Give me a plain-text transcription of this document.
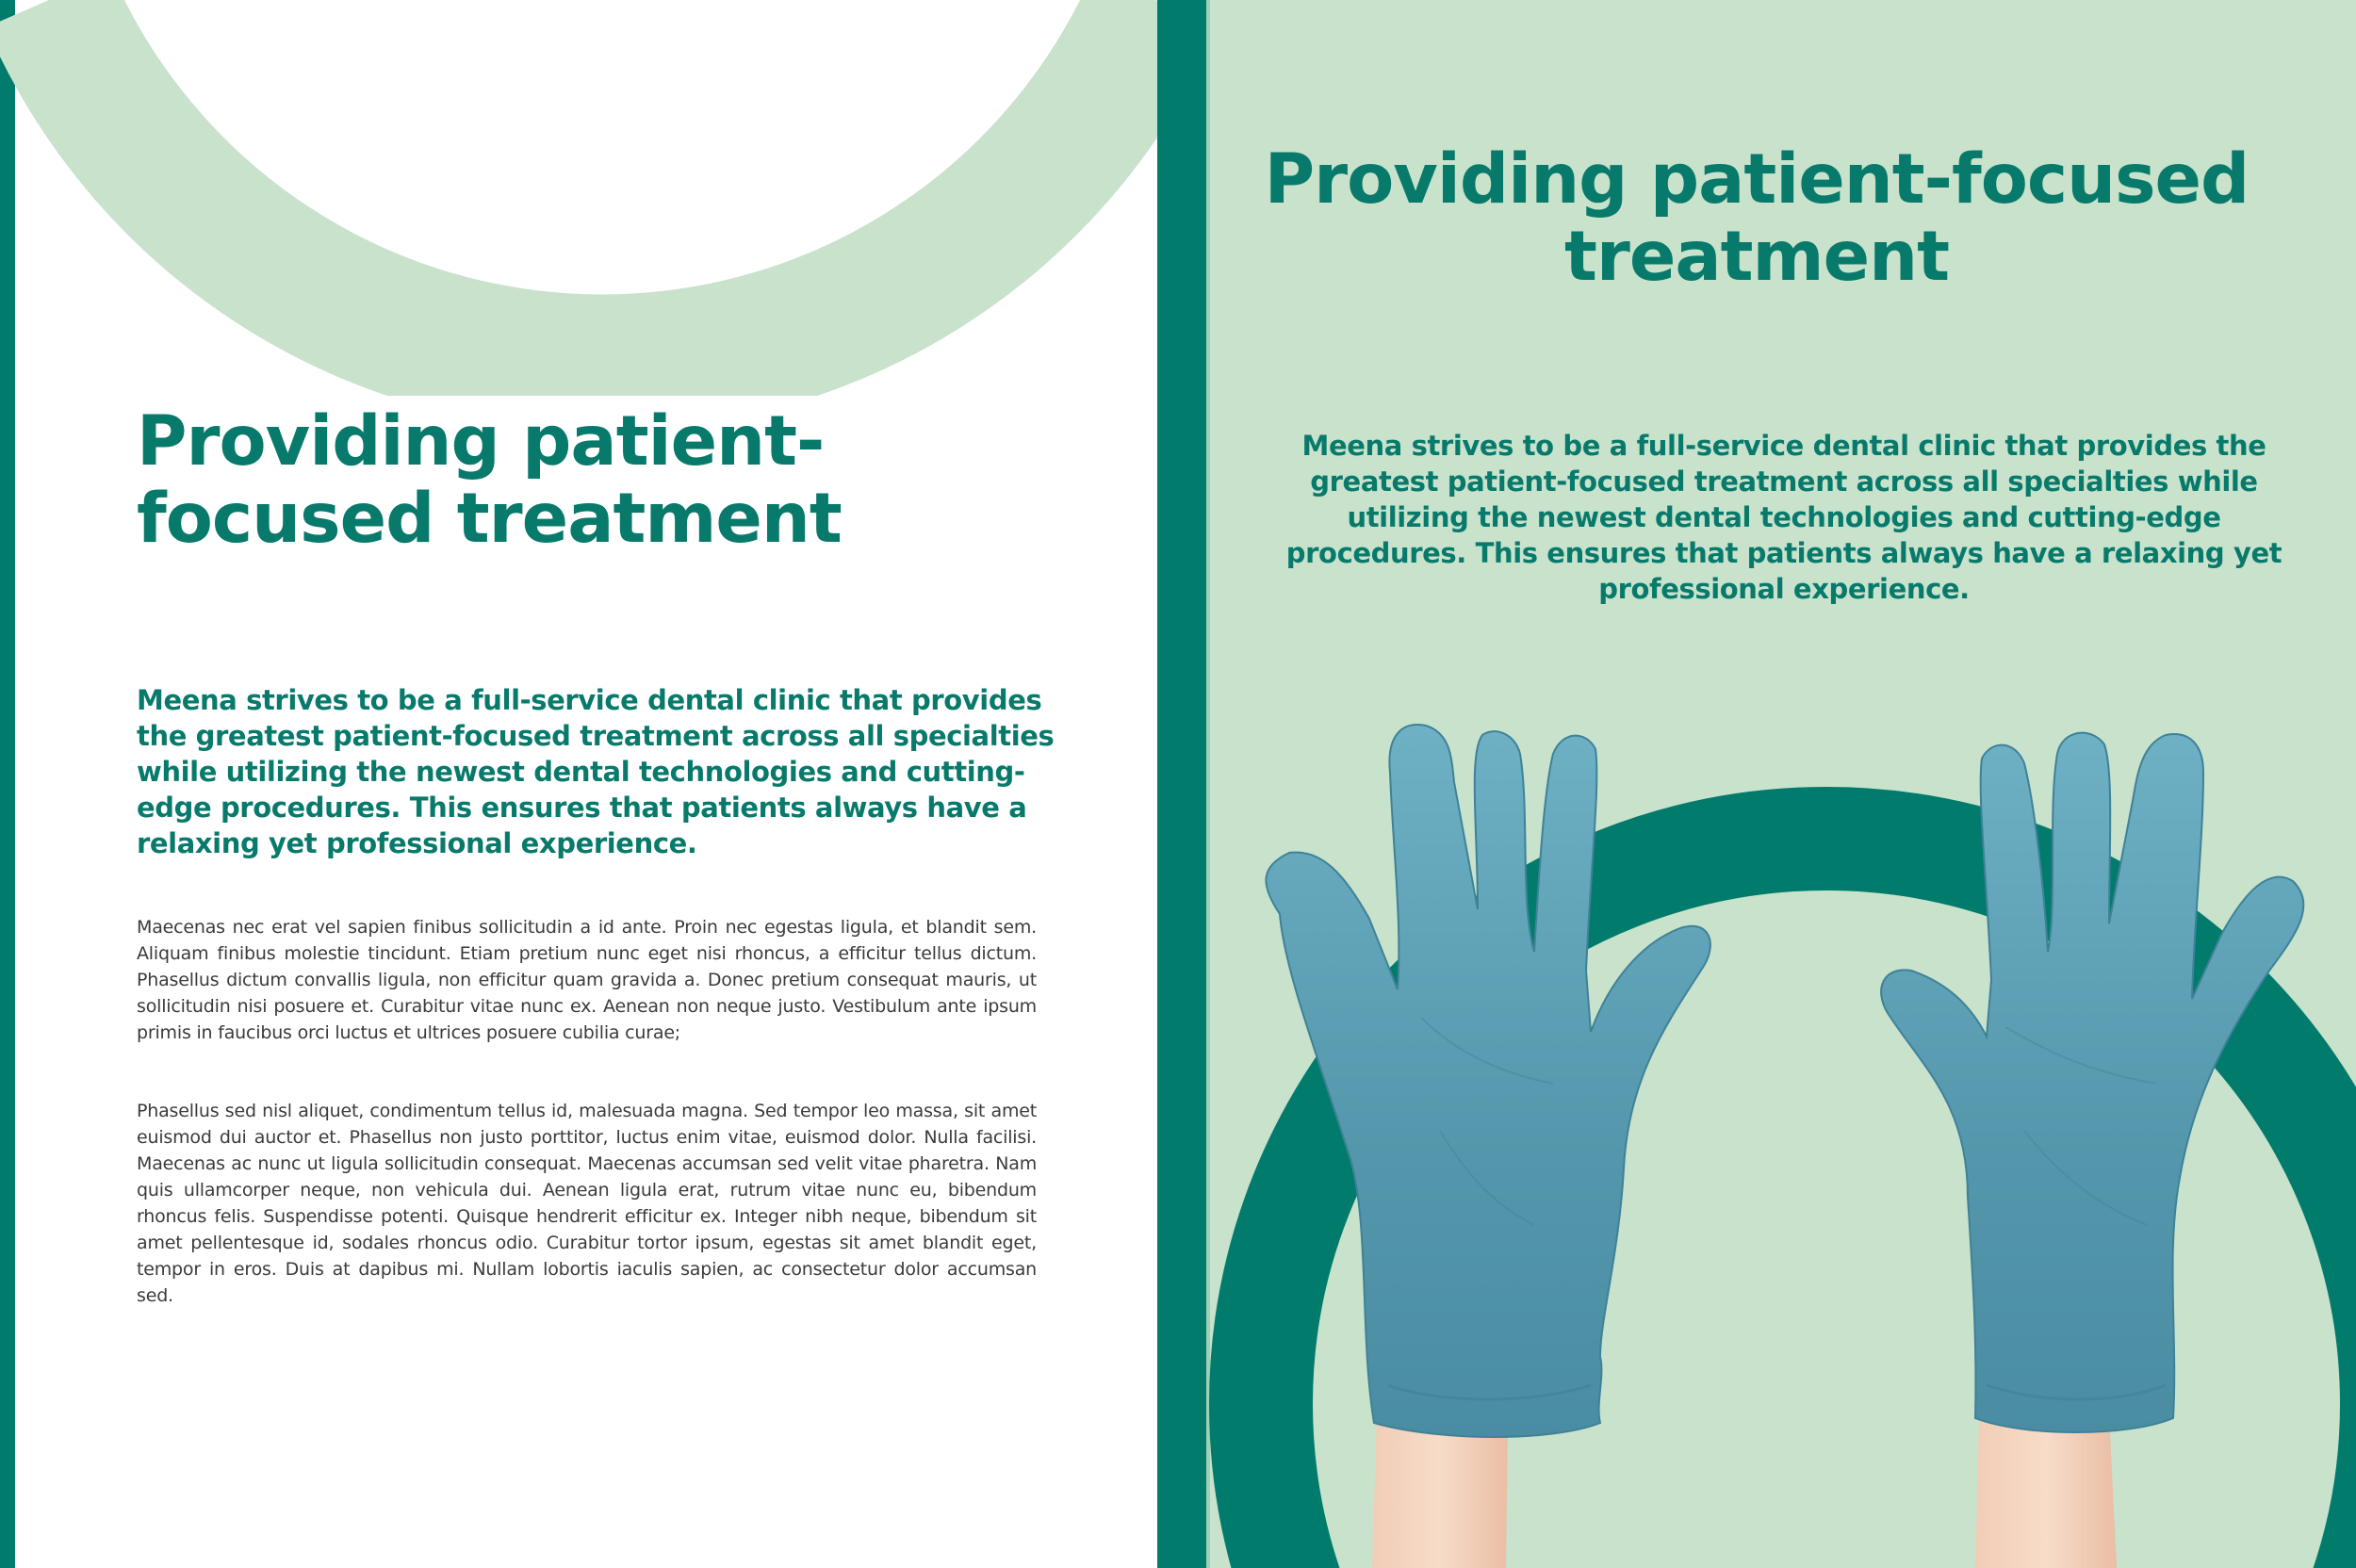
Providing patient-focused treatment

Meena strives to be a full-service dental clinic that provides the greatest patient-focused treatment across all specialties while utilizing the newest dental technologies and cutting-edge procedures. This ensures that patients always have a relaxing yet professional experience.

Maecenas nec erat vel sapien finibus sollicitudin a id ante. Proin nec egestas ligula, et blandit sem. Aliquam finibus molestie tincidunt. Etiam pretium nunc eget nisi rhoncus, a efficitur tellus dictum. Phasellus dictum convallis ligula, non efficitur quam gravida a. Donec pretium consequat mauris, ut sollicitudin nisi posuere et. Curabitur vitae nunc ex. Aenean non neque justo. Vestibulum ante ipsum primis in faucibus orci luctus et ultrices posuere cubilia curae;

Phasellus sed nisl aliquet, condimentum tellus id, malesuada magna. Sed tempor leo massa, sit amet euismod dui auctor et. Phasellus non justo porttitor, luctus enim vitae, euismod dolor. Nulla facilisi. Maecenas ac nunc ut ligula sollicitudin consequat. Maecenas accumsan sed velit vitae pharetra. Nam quis ullamcorper neque, non vehicula dui. Aenean ligula erat, rutrum vitae nunc eu, bibendum rhoncus felis. Suspendisse potenti. Quisque hendrerit efficitur ex. Integer nibh neque, bibendum sit amet pellentesque id, sodales rhoncus odio. Curabitur tortor ipsum, egestas sit amet blandit eget, tempor in eros. Duis at dapibus mi. Nullam lobortis iaculis sapien, ac consectetur dolor accumsan sed.

Providing patient-focused treatment

Meena strives to be a full-service dental clinic that provides the greatest patient-focused treatment across all specialties while utilizing the newest dental technologies and cutting-edge procedures. This ensures that patients always have a relaxing yet professional experience.
